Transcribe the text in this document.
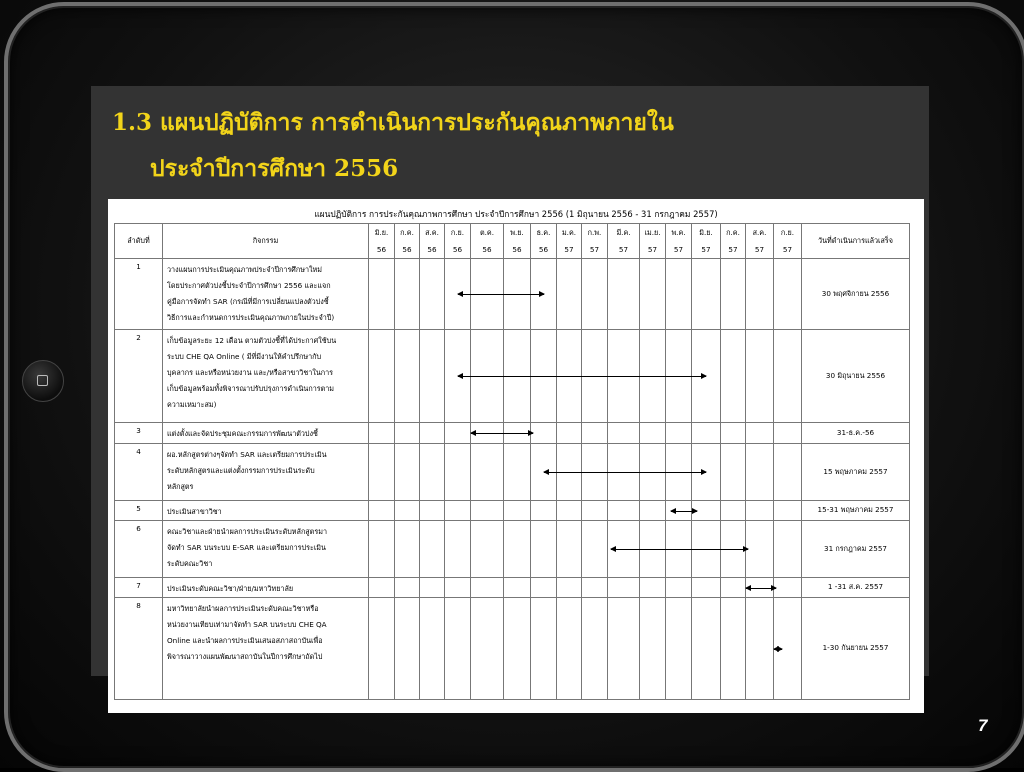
1.3 แผนปฏิบัติการ การดำเนินการประกันคุณภาพภายใน
ประจำปีการศึกษา 2556
แผนปฏิบัติการ การประกันคุณภาพการศึกษา ประจำปีการศึกษา 2556 (1 มิถุนายน 2556 - 31 กรกฎาคม 2557)
ลำดับที่	กิจกรรม	มิ.ย.	ก.ค.	ส.ค.	ก.ย.	ต.ค.	พ.ย.	ธ.ค.	ม.ค.	ก.พ.	มี.ค.	เม.ย.	พ.ค.	มิ.ย.	ก.ค.	ส.ค.	ก.ย.	วันที่ดำเนินการแล้วเสร็จ
		56	56	56	56	56	56	56	57	57	57	57	57	57	57	57	57	
1	วางแผนการประเมินคุณภาพประจำปีการศึกษาใหม่
โดยประกาศตัวบ่งชี้ประจำปีการศึกษา 2556 และแจก
คู่มือการจัดทำ SAR (กรณีที่มีการเปลี่ยนแปลงตัวบ่งชี้
วิธีการและกำหนดการประเมินคุณภาพภายในประจำปี)																	30 พฤศจิกายน 2556
2	เก็บข้อมูลระยะ 12 เดือน ตามตัวบ่งชี้ที่ได้ประกาศใช้บน
ระบบ CHE QA Online ( มีที่มีงานให้คำปรึกษากับ
บุคลากร และหรือหน่วยงาน และ/หรือสาขาวิชาในการ
เก็บข้อมูลพร้อมทั้งพิจารณาปรับปรุงการดำเนินการตาม
ความเหมาะสม)																	30 มิถุนายน 2556
3	แต่งตั้งและจัดประชุมคณะกรรมการพัฒนาตัวบ่งชี้																	31-ธ.ค.-56
4	ผอ.หลักสูตรต่างๆจัดทำ SAR และเตรียมการประเมิน
ระดับหลักสูตรและแต่งตั้งกรรมการประเมินระดับ
หลักสูตร																	15 พฤษภาคม 2557
5	ประเมินสาขาวิชา																	15-31 พฤษภาคม 2557
6	คณะวิชาและฝ่ายนำผลการประเมินระดับหลักสูตรมา
จัดทำ SAR บนระบบ E-SAR และเตรียมการประเมิน
ระดับคณะวิชา																	31 กรกฎาคม 2557
7	ประเมินระดับคณะวิชา/ฝ่าย/มหาวิทยาลัย																	1 -31 ส.ค. 2557
8	มหาวิทยาลัยนำผลการประเมินระดับคณะวิชาหรือ
หน่วยงานเทียบเท่ามาจัดทำ SAR บนระบบ CHE QA
Online และนำผลการประเมินเสนอสภาสถาบันเพื่อ
พิจารณาวางแผนพัฒนาสถาบันในปีการศึกษาถัดไป																	1-30 กันยายน 2557
7
